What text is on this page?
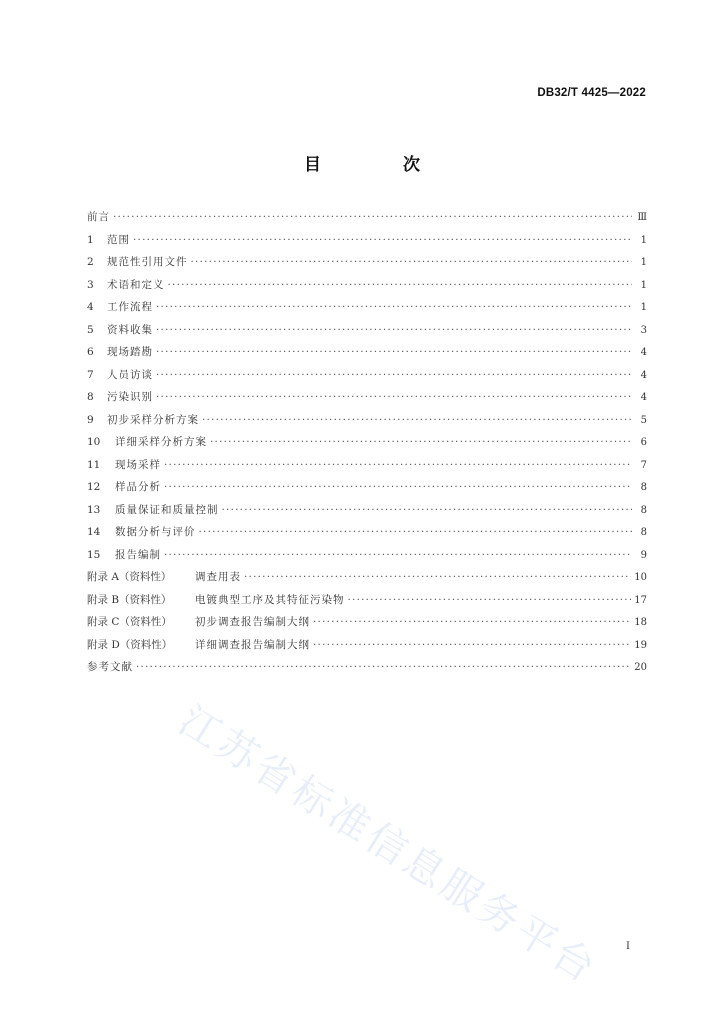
DB32/T 4425—2022
目 次
前言 ·····	Ⅲ
1	范围 ·····	1
2	规范性引用文件 ·····	1
3	术语和定义 ·····	1
4	工作流程 ·····	1
5	资料收集 ·····	3
6	现场踏勘 ·····	4
7	人员访谈 ·····	4
8	污染识别 ·····	4
9	初步采样分析方案 ·····	5
10	详细采样分析方案 ·····	6
11	现场采样 ·····	7
12	样品分析 ·····	8
13	质量保证和质量控制 ·····	8
14	数据分析与评价 ·····	8
15	报告编制 ·····	9
附录 A（资料性）	调查用表 ·····	10
附录 B（资料性）	电镀典型工序及其特征污染物 ·····	17
附录 C（资料性）	初步调查报告编制大纲 ·····	18
附录 D（资料性）	详细调查报告编制大纲 ·····	19
参考文献 ·····	20
I
江苏省标准信息服务平台
